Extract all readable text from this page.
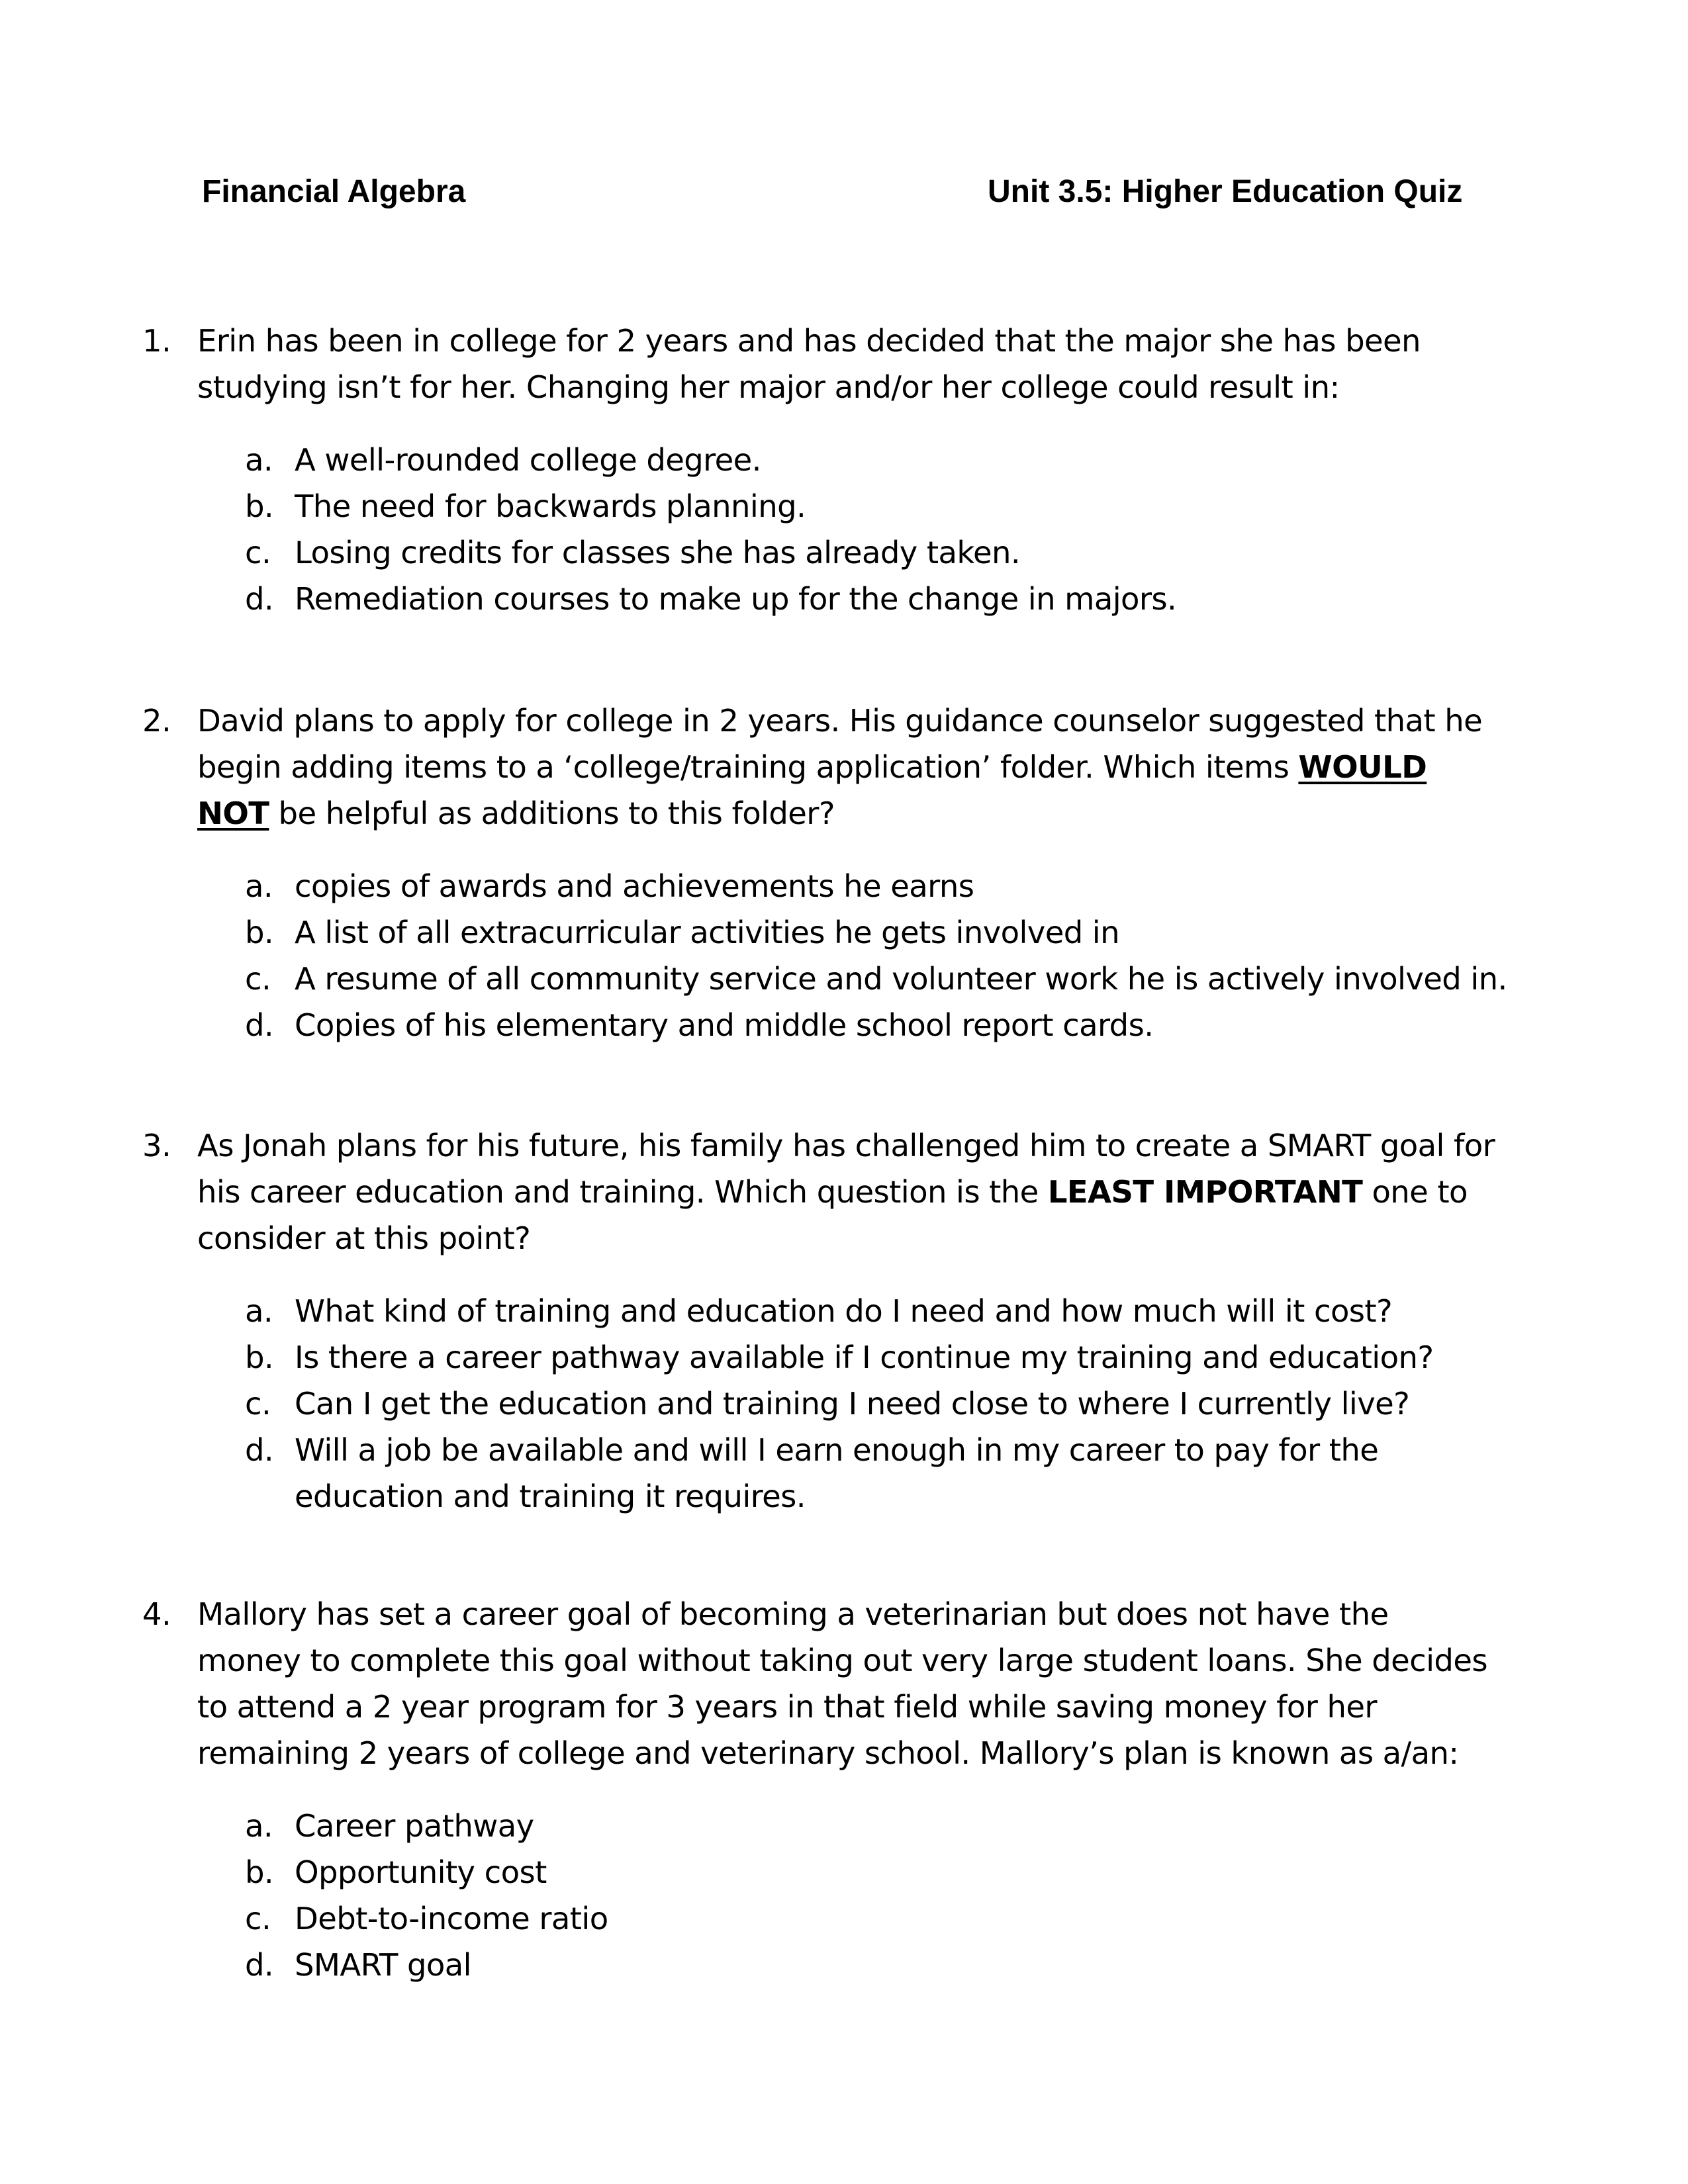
Financial Algebra	Unit 3.5: Higher Education Quiz
1. Erin has been in college for 2 years and has decided that the major she has been
studying isn’t for her. Changing her major and/or her college could result in:
a. A well-rounded college degree.
b. The need for backwards planning.
c. Losing credits for classes she has already taken.
d. Remediation courses to make up for the change in majors.
2. David plans to apply for college in 2 years. His guidance counselor suggested that he
begin adding items to a ‘college/training application’ folder. Which items WOULD
NOT be helpful as additions to this folder?
a. copies of awards and achievements he earns
b. A list of all extracurricular activities he gets involved in
c. A resume of all community service and volunteer work he is actively involved in.
d. Copies of his elementary and middle school report cards.
3. As Jonah plans for his future, his family has challenged him to create a SMART goal for
his career education and training. Which question is the LEAST IMPORTANT one to
consider at this point?
a. What kind of training and education do I need and how much will it cost?
b. Is there a career pathway available if I continue my training and education?
c. Can I get the education and training I need close to where I currently live?
d. Will a job be available and will I earn enough in my career to pay for the
education and training it requires.
4. Mallory has set a career goal of becoming a veterinarian but does not have the
money to complete this goal without taking out very large student loans. She decides
to attend a 2 year program for 3 years in that field while saving money for her
remaining 2 years of college and veterinary school. Mallory’s plan is known as a/an:
a. Career pathway
b. Opportunity cost
c. Debt-to-income ratio
d. SMART goal
